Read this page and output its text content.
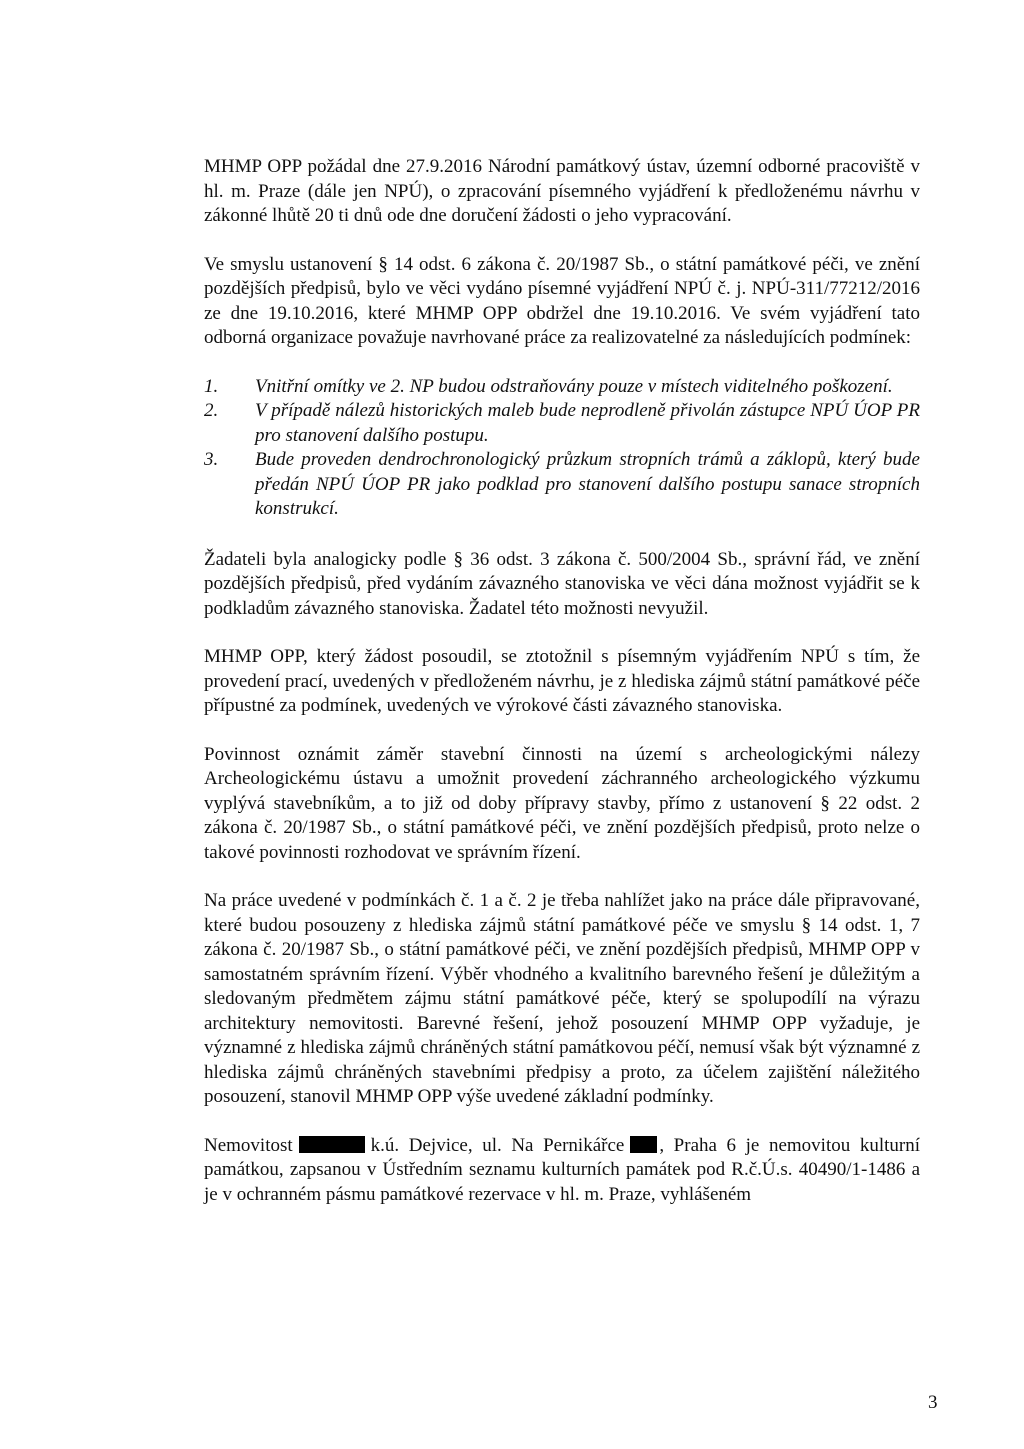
MHMP OPP požádal dne 27.9.2016 Národní památkový ústav, územní odborné pracoviště v hl. m. Praze (dále jen NPÚ), o zpracování písemného vyjádření k předloženému návrhu v zákonné lhůtě 20 ti dnů ode dne doručení žádosti o jeho vypracování.

Ve smyslu ustanovení § 14 odst. 6 zákona č. 20/1987 Sb., o státní památkové péči, ve znění pozdějších předpisů, bylo ve věci vydáno písemné vyjádření NPÚ č. j. NPÚ-311/77212/2016 ze dne 19.10.2016, které MHMP OPP obdržel dne 19.10.2016. Ve svém vyjádření tato odborná organizace považuje navrhované práce za realizovatelné za následujících podmínek:

1. Vnitřní omítky ve 2. NP budou odstraňovány pouze v místech viditelného poškození.
2. V případě nálezů historických maleb bude neprodleně přivolán zástupce NPÚ ÚOP PR pro stanovení dalšího postupu.
3. Bude proveden dendrochronologický průzkum stropních trámů a záklopů, který bude předán NPÚ ÚOP PR jako podklad pro stanovení dalšího postupu sanace stropních konstrukcí.

Žadateli byla analogicky podle § 36 odst. 3 zákona č. 500/2004 Sb., správní řád, ve znění pozdějších předpisů, před vydáním závazného stanoviska ve věci dána možnost vyjádřit se k podkladům závazného stanoviska. Žadatel této možnosti nevyužil.

MHMP OPP, který žádost posoudil, se ztotožnil s písemným vyjádřením NPÚ s tím, že provedení prací, uvedených v předloženém návrhu, je z hlediska zájmů státní památkové péče přípustné za podmínek, uvedených ve výrokové části závazného stanoviska.

Povinnost oznámit záměr stavební činnosti na území s archeologickými nálezy Archeologickému ústavu a umožnit provedení záchranného archeologického výzkumu vyplývá stavebníkům, a to již od doby přípravy stavby, přímo z ustanovení § 22 odst. 2 zákona č. 20/1987 Sb., o státní památkové péči, ve znění pozdějších předpisů, proto nelze o takové povinnosti rozhodovat ve správním řízení.

Na práce uvedené v podmínkách č. 1 a č. 2 je třeba nahlížet jako na práce dále připravované, které budou posouzeny z hlediska zájmů státní památkové péče ve smyslu § 14 odst. 1, 7 zákona č. 20/1987 Sb., o státní památkové péči, ve znění pozdějších předpisů, MHMP OPP v samostatném správním řízení. Výběr vhodného a kvalitního barevného řešení je důležitým a sledovaným předmětem zájmu státní památkové péče, který se spolupodílí na výrazu architektury nemovitosti. Barevné řešení, jehož posouzení MHMP OPP vyžaduje, je významné z hlediska zájmů chráněných státní památkovou péčí, nemusí však být významné z hlediska zájmů chráněných stavebními předpisy a proto, za účelem zajištění náležitého posouzení, stanovil MHMP OPP výše uvedené základní podmínky.

Nemovitost	k.ú. Dejvice, ul. Na Pernikářce , Praha 6 je nemovitou kulturní památkou, zapsanou v Ústředním seznamu kulturních památek pod R.č.Ú.s. 40490/1-1486 a je v ochranném pásmu památkové rezervace v hl. m. Praze, vyhlášeném

3
